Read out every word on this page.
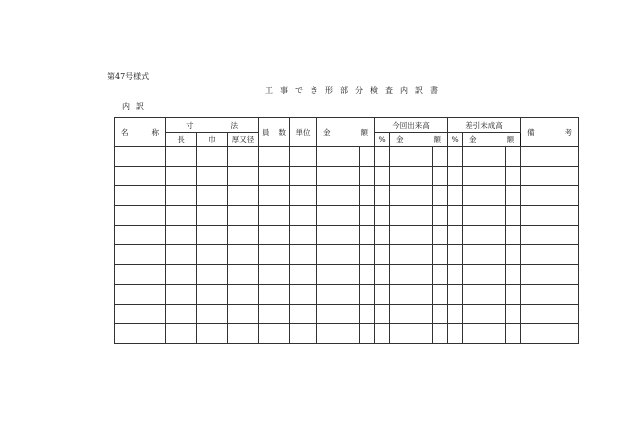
第47号様式
工事でき形部分検査内訳書
内訳
名 称	寸 法			員 数	単位	金 額		今回出来高			差引未成高			備 考

	長	巾	厚又径					%	金 額		%	金 額		
